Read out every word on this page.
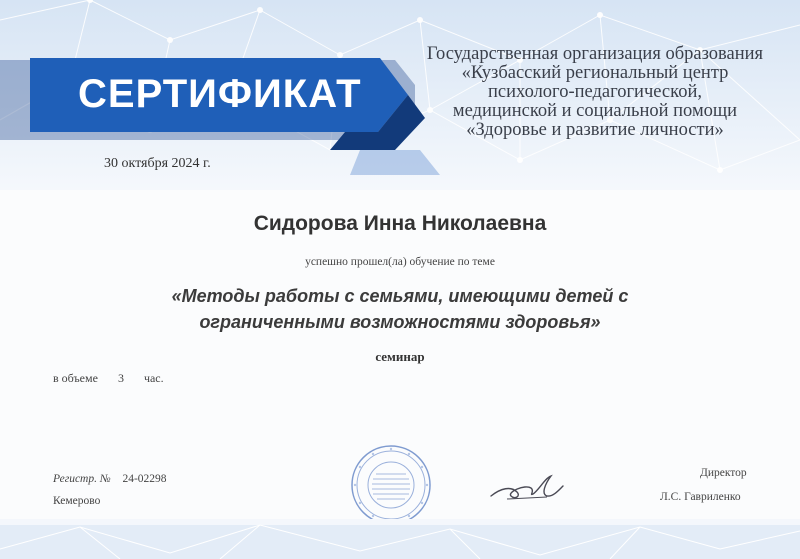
СЕРТИФИКАТ
Государственная организация образования
«Кузбасский региональный центр
психолого-педагогической,
медицинской и социальной помощи
«Здоровье и развитие личности»
30 октября 2024 г.
Сидорова Инна Николаевна
успешно прошел(ла) обучение по теме
«Методы работы с семьями, имеющими детей с
ограниченными возможностями здоровья»
семинар
в объеме 3 час.
Регистр. № 24-02298
Кемерово
Директор
Л.С. Гавриленко
